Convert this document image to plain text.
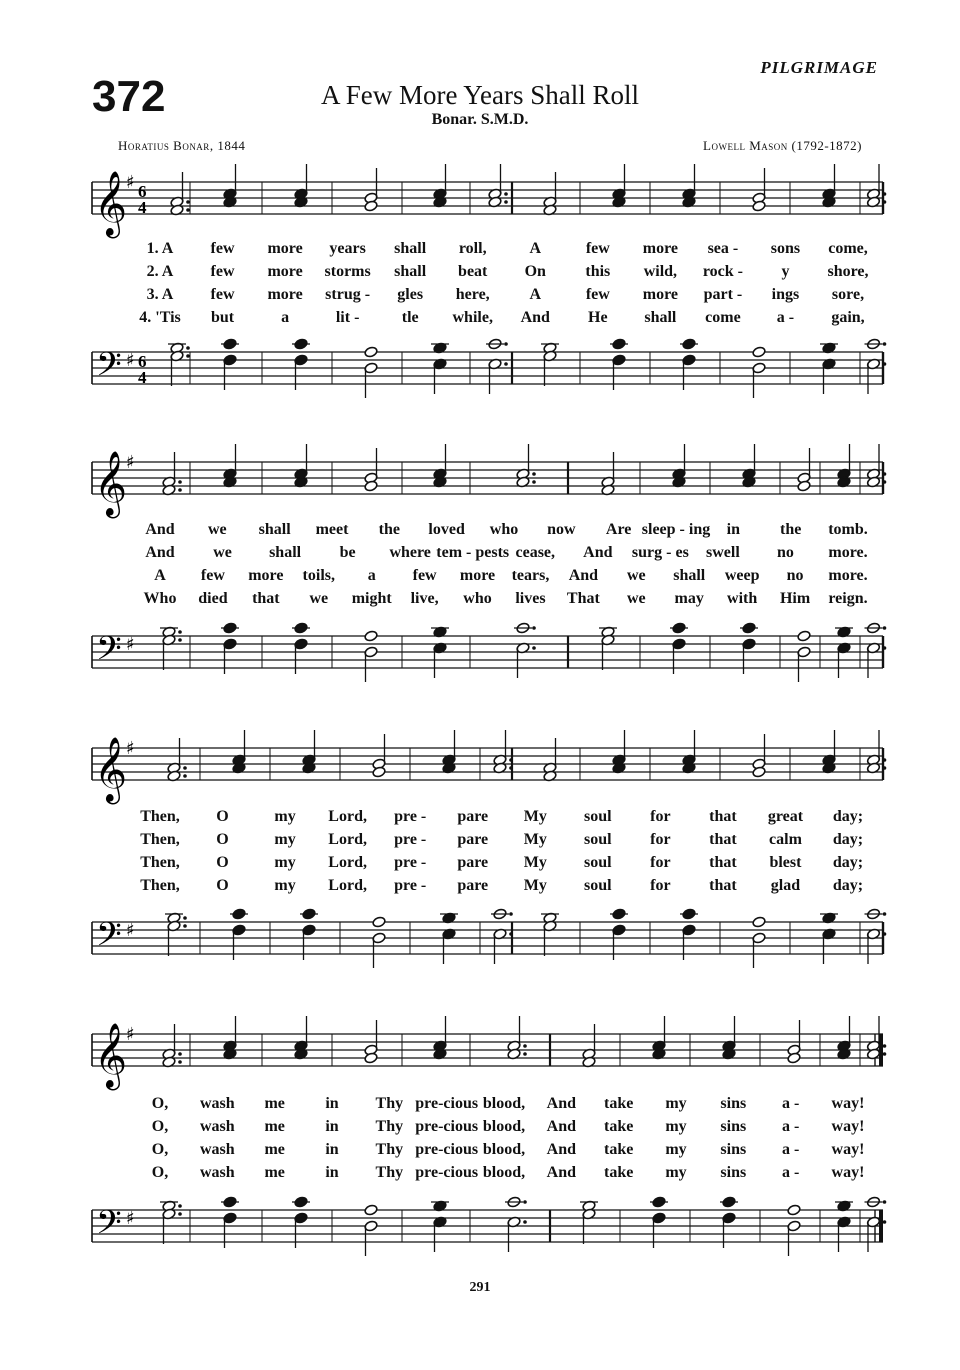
372
PILGRIMAGE
A Few More Years Shall Roll
Bonar. S.M.D.
Horatius Bonar, 1844	Lowell Mason (1792-1872)
𝄞
𝄢
♯
♯
6
4
6
4
𝄞
𝄢
♯
♯
𝄞
𝄢
♯
♯
𝄞
𝄢
♯
♯
1. A few more years shall roll,	A	few more sea - sons come,
2. A few more storms shall beat On this wild, rock - y shore,
3. A few more strug - gles here, A	few more part - ings sore,
4. 'Tis but	a	lit -	tle while, And He shall come a - gain,
And we shall meet the loved who now Are sleep - ing in the tomb.
And we shall be where tem - pests cease, And surg - es swell no more.
A few more toils, a few more tears, And we shall weep no more.
Who died that we might live, who lives That we may with Him reign.
Then, O	my Lord, pre - pare My soul for that great day;
Then, O	my Lord, pre - pare My soul for that calm day;
Then, O	my Lord, pre - pare My soul for that blest day;
Then, O	my Lord, pre - pare My soul for that glad day;
O, wash me	in Thy pre-cious blood, And take my sins a - way!
O, wash me	in Thy pre-cious blood, And take my sins a - way!
O, wash me	in Thy pre-cious blood, And take my sins a - way!
O, wash me	in Thy pre-cious blood, And take my sins a - way!
291
